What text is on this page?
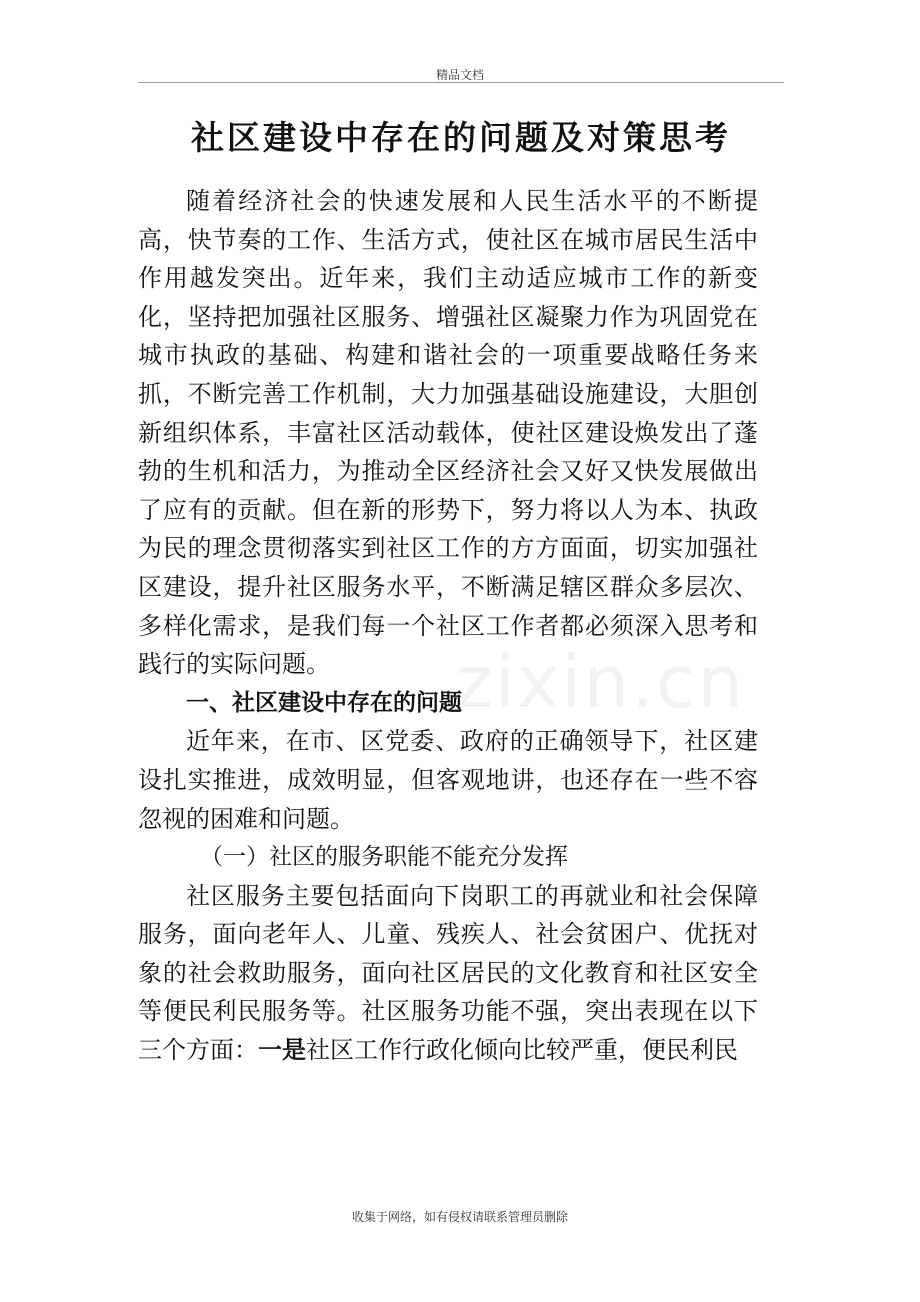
精品文档
社区建设中存在的问题及对策思考
zixin.cn

随着经济社会的快速发展和人民生活水平的不断提高，快节奏的工作、生活方式，使社区在城市居民生活中作用越发突出。近年来，我们主动适应城市工作的新变化，坚持把加强社区服务、增强社区凝聚力作为巩固党在城市执政的基础、构建和谐社会的一项重要战略任务来抓，不断完善工作机制，大力加强基础设施建设，大胆创新组织体系，丰富社区活动载体，使社区建设焕发出了蓬勃的生机和活力，为推动全区经济社会又好又快发展做出了应有的贡献。但在新的形势下，努力将以人为本、执政为民的理念贯彻落实到社区工作的方方面面，切实加强社区建设，提升社区服务水平，不断满足辖区群众多层次、多样化需求，是我们每一个社区工作者都必须深入思考和践行的实际问题。

一、社区建设中存在的问题

近年来，在市、区党委、政府的正确领导下，社区建设扎实推进，成效明显，但客观地讲，也还存在一些不容忽视的困难和问题。

（一）社区的服务职能不能充分发挥

社区服务主要包括面向下岗职工的再就业和社会保障服务，面向老年人、儿童、残疾人、社会贫困户、优抚对象的社会救助服务，面向社区居民的文化教育和社区安全等便民利民服务等。社区服务功能不强，突出表现在以下三个方面：一是社区工作行政化倾向比较严重，便民利民

收集于网络，如有侵权请联系管理员删除
